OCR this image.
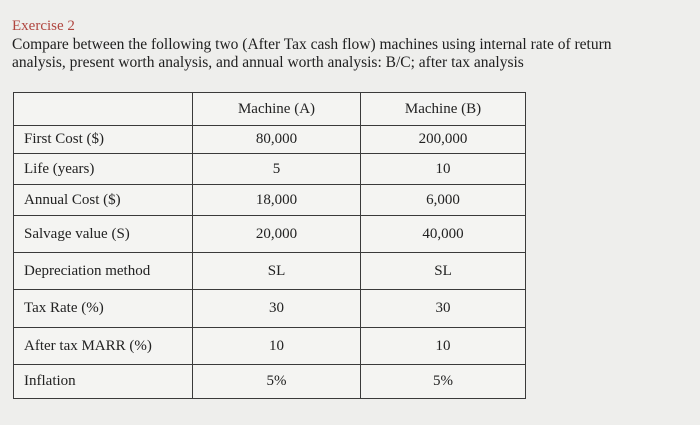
Exercise 2
Compare between the following two (After Tax cash flow) machines using internal rate of return
analysis, present worth analysis, and annual worth analysis: B/C; after tax analysis
	Machine (A)	Machine (B)
First Cost ($)	80,000	200,000
Life (years)	5	10
Annual Cost ($)	18,000	6,000
Salvage value (S)	20,000	40,000
Depreciation method	SL	SL
Tax Rate (%)	30	30
After tax MARR (%)	10	10
Inflation	5%	5%
